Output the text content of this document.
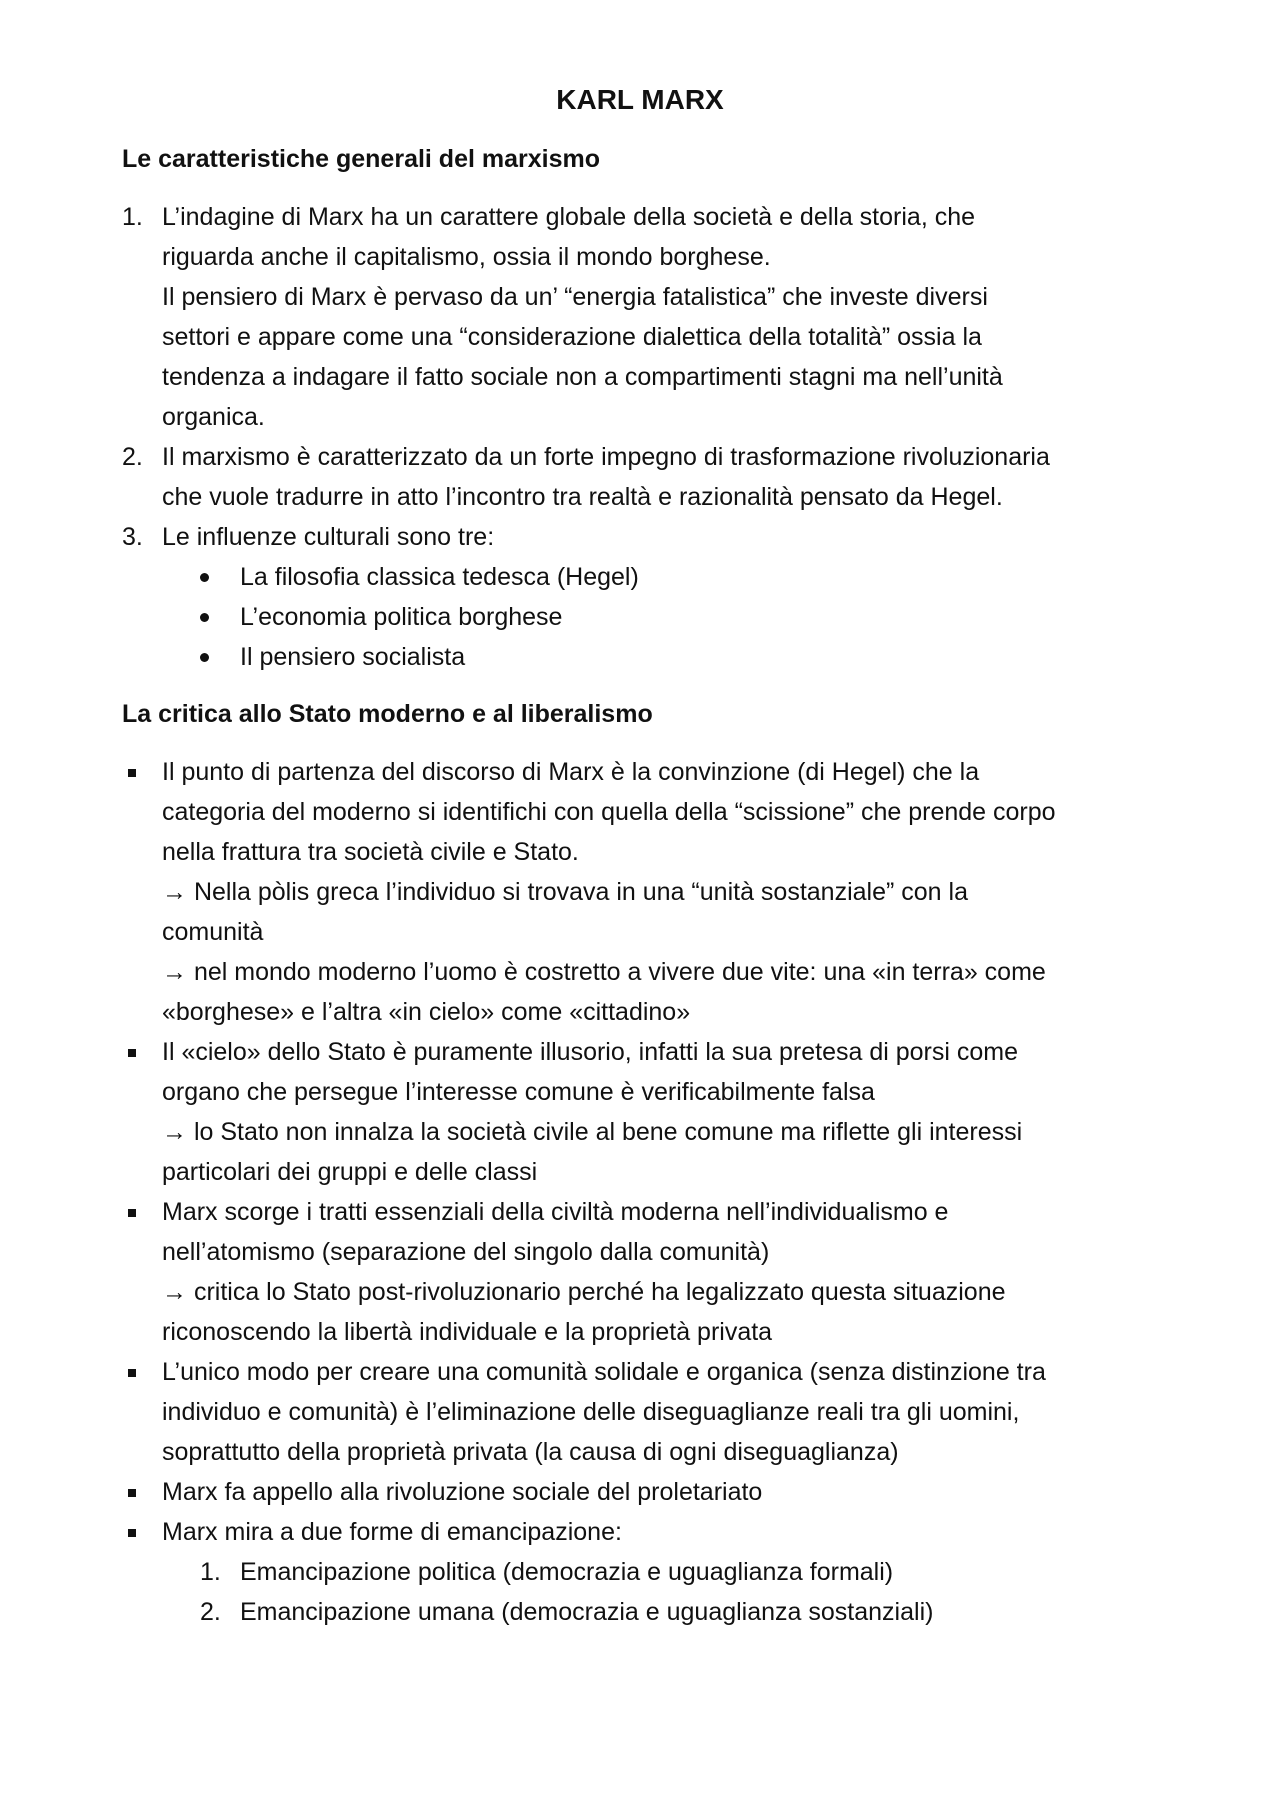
KARL MARX
Le caratteristiche generali del marxismo
1. L’indagine di Marx ha un carattere globale della società e della storia, che
riguarda anche il capitalismo, ossia il mondo borghese.
Il pensiero di Marx è pervaso da un’ “energia fatalistica” che investe diversi
settori e appare come una “considerazione dialettica della totalità” ossia la
tendenza a indagare il fatto sociale non a compartimenti stagni ma nell’unità
organica.
2. Il marxismo è caratterizzato da un forte impegno di trasformazione rivoluzionaria
che vuole tradurre in atto l’incontro tra realtà e razionalità pensato da Hegel.
3. Le influenze culturali sono tre:
La filosofia classica tedesca (Hegel)
L’economia politica borghese
Il pensiero socialista
La critica allo Stato moderno e al liberalismo
Il punto di partenza del discorso di Marx è la convinzione (di Hegel) che la
categoria del moderno si identifichi con quella della “scissione” che prende corpo
nella frattura tra società civile e Stato.
→ Nella pòlis greca l’individuo si trovava in una “unità sostanziale” con la
comunità
→ nel mondo moderno l’uomo è costretto a vivere due vite: una «in terra» come
«borghese» e l’altra «in cielo» come «cittadino»
Il «cielo» dello Stato è puramente illusorio, infatti la sua pretesa di porsi come
organo che persegue l’interesse comune è verificabilmente falsa
→ lo Stato non innalza la società civile al bene comune ma riflette gli interessi
particolari dei gruppi e delle classi
Marx scorge i tratti essenziali della civiltà moderna nell’individualismo e
nell’atomismo (separazione del singolo dalla comunità)
→ critica lo Stato post-rivoluzionario perché ha legalizzato questa situazione
riconoscendo la libertà individuale e la proprietà privata
L’unico modo per creare una comunità solidale e organica (senza distinzione tra
individuo e comunità) è l’eliminazione delle diseguaglianze reali tra gli uomini,
soprattutto della proprietà privata (la causa di ogni diseguaglianza)
Marx fa appello alla rivoluzione sociale del proletariato
Marx mira a due forme di emancipazione:
1. Emancipazione politica (democrazia e uguaglianza formali)
2. Emancipazione umana (democrazia e uguaglianza sostanziali)
